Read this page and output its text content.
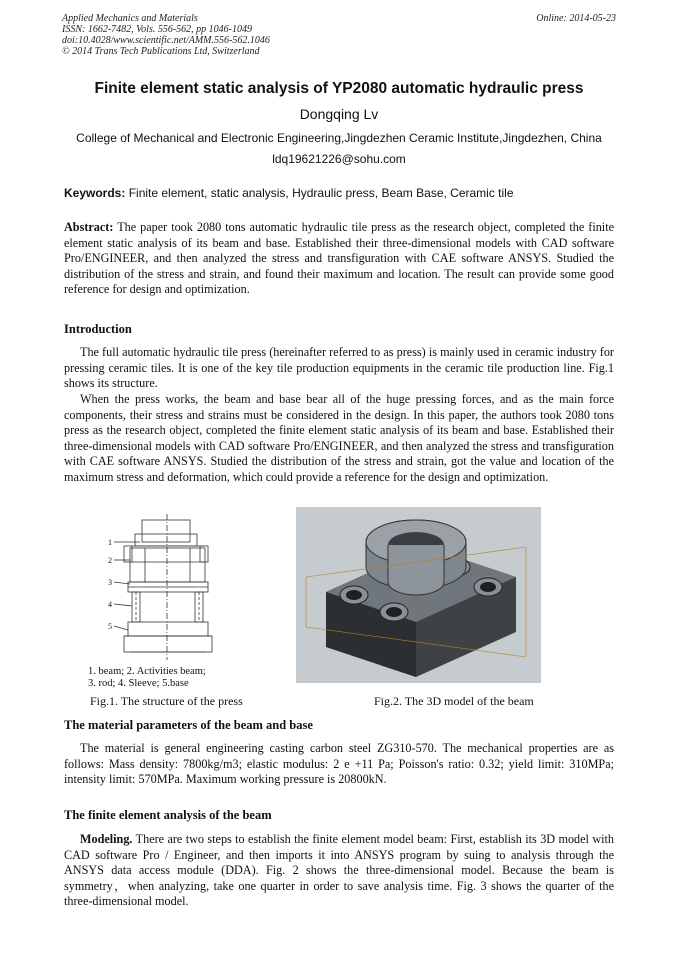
Applied Mechanics and Materials
ISSN: 1662-7482, Vols. 556-562, pp 1046-1049
doi:10.4028/www.scientific.net/AMM.556-562.1046
© 2014 Trans Tech Publications Ltd, Switzerland
Online: 2014-05-23
Finite element static analysis of YP2080 automatic hydraulic press
Dongqing Lv
College of Mechanical and Electronic Engineering,Jingdezhen Ceramic Institute,Jingdezhen, China
ldq19621226@sohu.com
Keywords: Finite element, static analysis, Hydraulic press, Beam Base, Ceramic tile
Abstract: The paper took 2080 tons automatic hydraulic tile press as the research object, completed the finite element static analysis of its beam and base. Established their three-dimensional models with CAD software Pro/ENGINEER, and then analyzed the stress and transfiguration with CAE software ANSYS. Studied the distribution of the stress and strain, and found their maximum and location. The result can provide some good reference for design and optimization.
Introduction
The full automatic hydraulic tile press (hereinafter referred to as press) is mainly used in ceramic industry for pressing ceramic tiles. It is one of the key tile production equipments in the ceramic tile production line. Fig.1 shows its structure.
When the press works, the beam and base bear all of the huge pressing forces, and as the main force components, their stress and strains must be considered in the design. In this paper, the authors took 2080 tons press as the research object, completed the finite element static analysis of its beam and base. Established their three-dimensional models with CAD software Pro/ENGINEER, and then analyzed the stress and transfiguration with CAE software ANSYS. Studied the distribution of the stress and strain, got the value and location of the maximum stress and deformation, which could provide a reference for the design and optimization.
1
2
3
4
5
1. beam; 2. Activities beam;
3. rod; 4. Sleeve; 5.base
Fig.1. The structure of the press	Fig.2. The 3D model of the beam
The material parameters of the beam and base
The material is general engineering casting carbon steel ZG310-570. The mechanical properties are as follows: Mass density: 7800kg/m3; elastic modulus: 2 e +11 Pa; Poisson's ratio: 0.32; yield limit: 310MPa; intensity limit: 570MPa. Maximum working pressure is 20800kN.
The finite element analysis of the beam
Modeling. There are two steps to establish the finite element model beam: First, establish its 3D model with CAD software Pro / Engineer, and then imports it into ANSYS program by suing to analysis through the ANSYS data access module (DDA). Fig. 2 shows the three-dimensional model. Because the beam is symmetry，when analyzing, take one quarter in order to save analysis time. Fig. 3 shows the quarter of the three-dimensional model.
